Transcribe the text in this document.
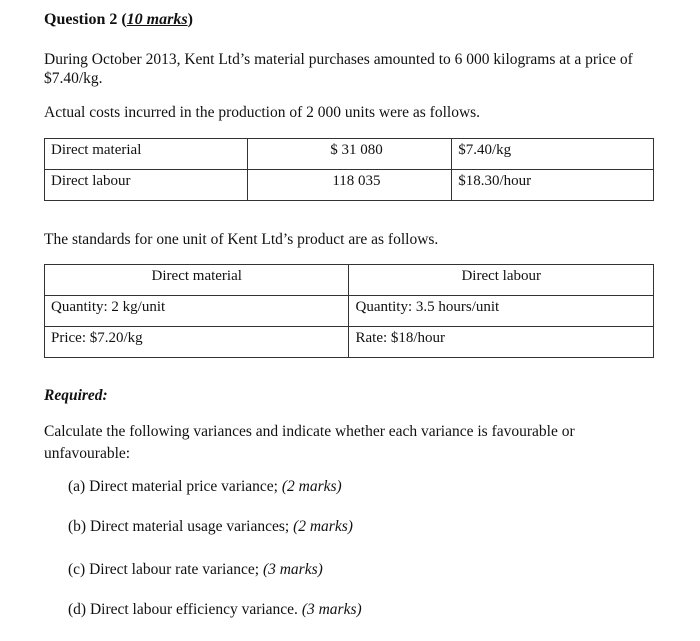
Question 2 (10 marks)
During October 2013, Kent Ltd’s material purchases amounted to 6 000 kilograms at a price of $7.40/kg.
Actual costs incurred in the production of 2 000 units were as follows.
Direct material	$ 31 080	$7.40/kg
Direct labour	118 035	$18.30/hour
The standards for one unit of Kent Ltd’s product are as follows.
Direct material	Direct labour
Quantity: 2 kg/unit	Quantity: 3.5 hours/unit
Price: $7.20/kg	Rate: $18/hour
Required:
Calculate the following variances and indicate whether each variance is favourable or unfavourable:
(a) Direct material price variance; (2 marks)
(b) Direct material usage variances; (2 marks)
(c) Direct labour rate variance; (3 marks)
(d) Direct labour efficiency variance. (3 marks)
